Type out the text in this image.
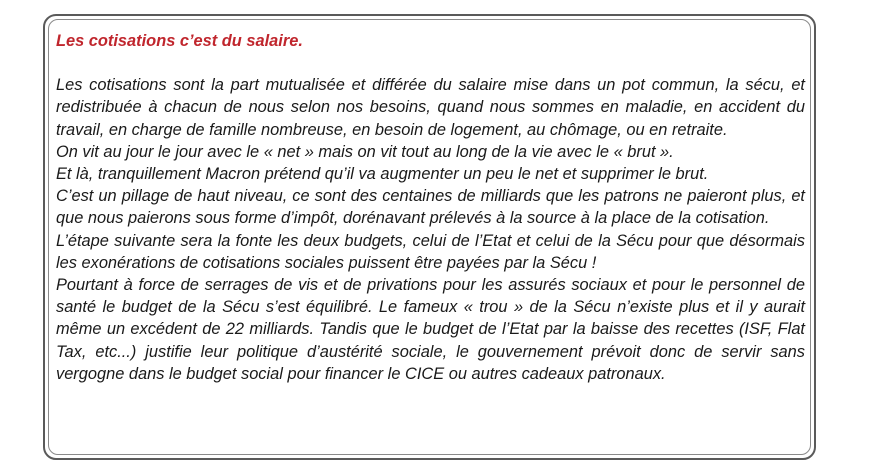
Les cotisations c’est du salaire.

Les cotisations sont la part mutualisée et différée du salaire mise dans un pot commun, la sécu, et redistribuée à chacun de nous selon nos besoins, quand nous sommes en maladie, en accident du travail, en charge de famille nombreuse, en besoin de logement, au chômage, ou en retraite.

On vit au jour le jour avec le « net » mais on vit tout au long de la vie avec le « brut ».

Et là, tranquillement Macron prétend qu’il va augmenter un peu le net et supprimer le brut.

C’est un pillage de haut niveau, ce sont des centaines de milliards que les patrons ne paieront plus, et que nous paierons sous forme d’impôt, dorénavant prélevés à la source à la place de la cotisation.

L’étape suivante sera la fonte les deux budgets, celui de l’Etat et celui de la Sécu pour que désormais les exonérations de cotisations sociales puissent être payées par la Sécu !

Pourtant à force de serrages de vis et de privations pour les assurés sociaux et pour le personnel de santé le budget de la Sécu s’est équilibré. Le fameux « trou » de la Sécu n’existe plus et il y aurait même un excédent de 22 milliards. Tandis que le budget de l’Etat par la baisse des recettes (ISF, Flat Tax, etc...) justifie leur politique d’austérité sociale, le gouvernement prévoit donc de servir sans vergogne dans le budget social pour financer le CICE ou autres cadeaux patronaux.
